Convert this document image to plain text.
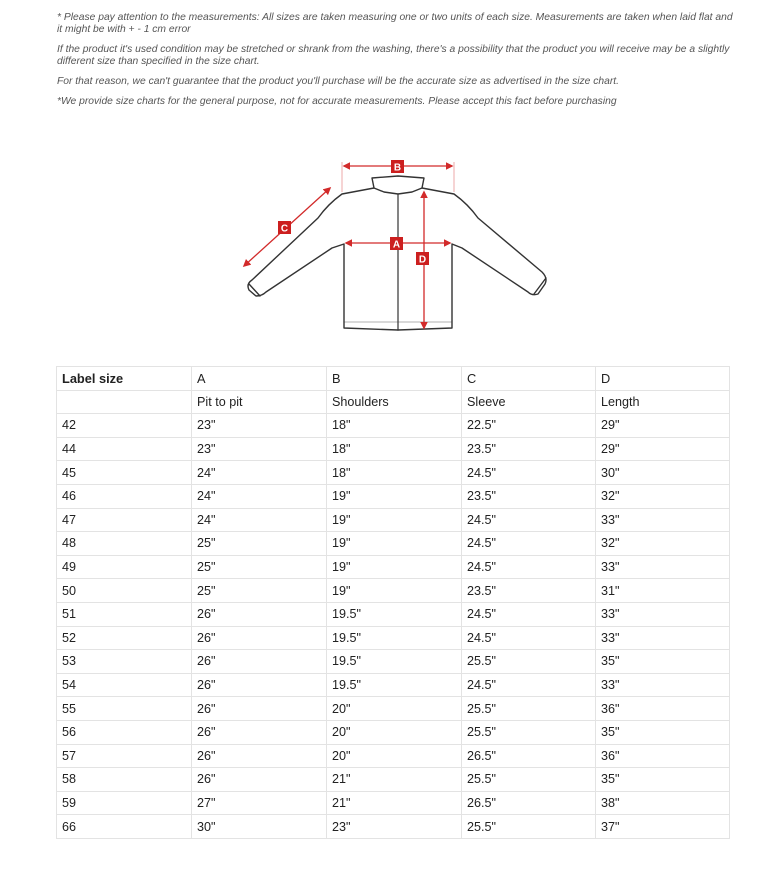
* Please pay attention to the measurements: All sizes are taken measuring one or two units of each size. Measurements are taken when laid flat and it might be with + - 1 cm error

If the product it's used condition may be stretched or shrank from the washing, there's a possibility that the product you will receive may be a slightly different size than specified in the size chart.

For that reason, we can't guarantee that the product you'll purchase will be the accurate size as advertised in the size chart.

*We provide size charts for the general purpose, not for accurate measurements. Please accept this fact before purchasing

B
A
C
D
Label size	A	B	C	D
	Pit to pit	Shoulders	Sleeve	Length
42	23"	18"	22.5"	29"
44	23"	18"	23.5"	29"
45	24"	18"	24.5"	30"
46	24"	19"	23.5"	32"
47	24"	19"	24.5"	33"
48	25"	19"	24.5"	32"
49	25"	19"	24.5"	33"
50	25"	19"	23.5"	31"
51	26"	19.5"	24.5"	33"
52	26"	19.5"	24.5"	33"
53	26"	19.5"	25.5"	35"
54	26"	19.5"	24.5"	33"
55	26"	20"	25.5"	36"
56	26"	20"	25.5"	35"
57	26"	20"	26.5"	36"
58	26"	21"	25.5"	35"
59	27"	21"	26.5"	38"
66	30"	23"	25.5"	37"
